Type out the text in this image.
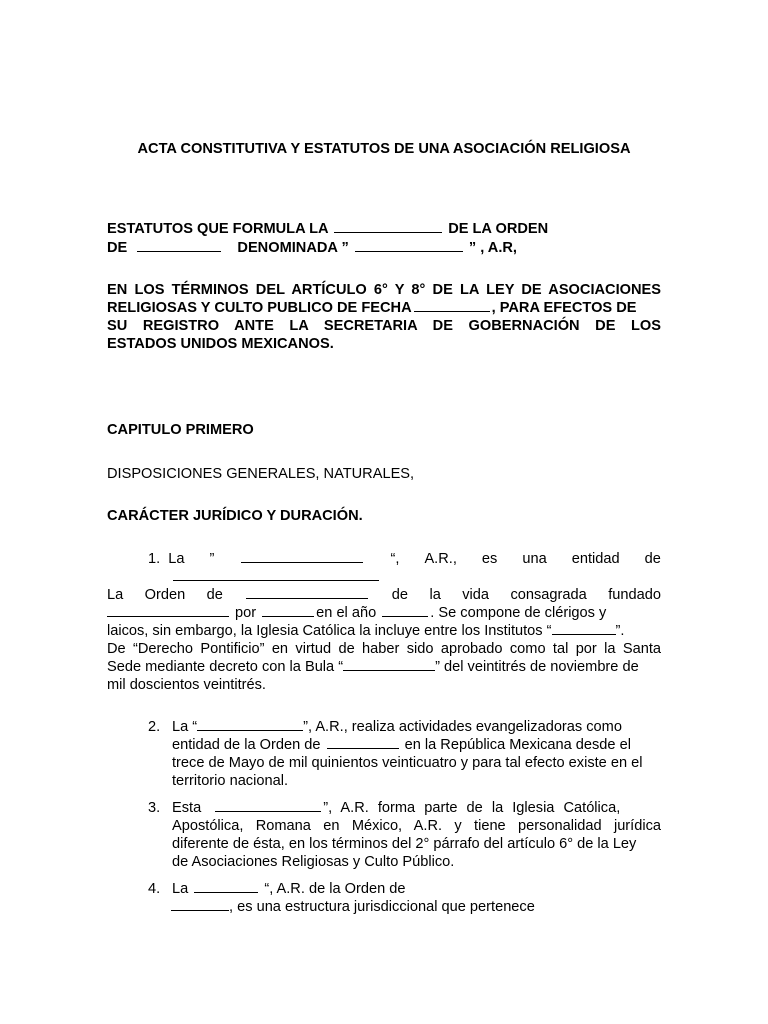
ACTA CONSTITUTIVA Y ESTATUTOS DE UNA ASOCIACIÓN RELIGIOSA

ESTATUTOS QUE FORMULA LA	DE LA ORDEN

DE	DENOMINADA ”	” , A.R,

EN LOS TÉRMINOS DEL ARTÍCULO 6° Y 8° DE LA LEY DE ASOCIACIONES

RELIGIOSAS Y CULTO PUBLICO DE FECHA	, PARA EFECTOS DE

SU REGISTRO ANTE LA SECRETARIA DE GOBERNACIÓN DE LOS

ESTADOS UNIDOS MEXICANOS.

CAPITULO PRIMERO

DISPOSICIONES GENERALES, NATURALES,

CARÁCTER JURÍDICO Y DURACIÓN.

1. La ”	“, A.R., es una entidad de
La Orden de	de la vida consagrada fundado
por	en el año	. Se compone de clérigos y
laicos, sin embargo, la Iglesia Católica la incluye entre los Institutos “	”.

De “Derecho Pontificio” en virtud de haber sido aprobado como tal por la Santa

Sede mediante decreto con la Bula “	” del veintitrés de noviembre de

mil doscientos veintitrés.

2. La “	”, A.R., realiza actividades evangelizadoras como
entidad de la Orden de	en la República Mexicana desde el

trece de Mayo de mil quinientos veinticuatro y para tal efecto existe en el

territorio nacional.

3. Esta	”, A.R. forma parte de la Iglesia Católica,

Apostólica, Romana en México, A.R. y tiene personalidad jurídica

diferente de ésta, en los términos del 2° párrafo del artículo 6° de la Ley

de Asociaciones Religiosas y Culto Público.

4. La	“, A.R. de la Orden de
, es una estructura jurisdiccional que pertenece
